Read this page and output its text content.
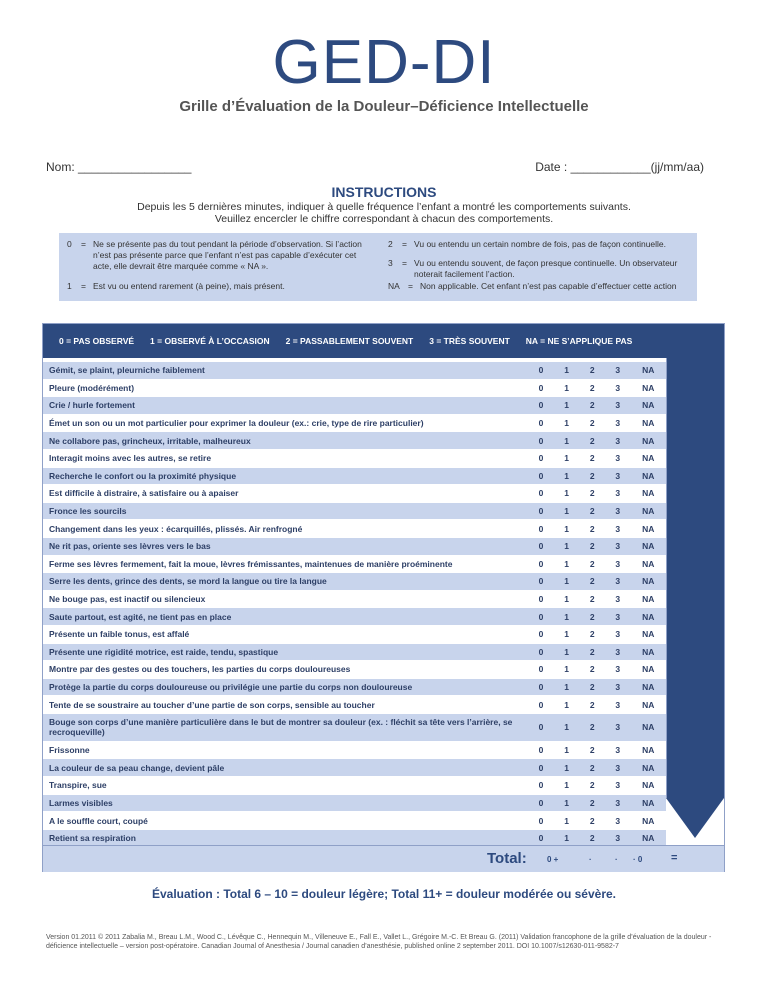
GED-DI
Grille d’Évaluation de la Douleur–Déficience Intellectuelle
Nom: _________________	Date : ____________(jj/mm/aa)
INSTRUCTIONS
Depuis les 5 dernières minutes, indiquer à quelle fréquence l’enfant a montré les comportements suivants.
Veuillez encercler le chiffre correspondant à chacun des comportements.
0	= Ne se présente pas du tout pendant la période d’observation. Si l’action n’est pas présente parce que l’enfant n’est pas capable d’exécuter cet acte, elle devrait être marquée comme « NA ».
1	= Est vu ou entend rarement (à peine), mais présent.
2	= Vu ou entendu un certain nombre de fois, pas de façon continuelle.
3	= Vu ou entendu souvent, de façon presque continuelle. Un observateur noterait facilement l’action.
NA = Non applicable. Cet enfant n’est pas capable d’effectuer cette action
0 = PAS OBSERVÉ 1 = OBSERVÉ À L’OCCASION 2 = PASSABLEMENT SOUVENT 3 = TRÈS SOUVENT NA = NE S’APPLIQUE PAS
Gémit, se plaint, pleurniche faiblement	0	1	2	3	NA
Pleure (modérément)	0	1	2	3	NA
Crie / hurle fortement	0	1	2	3	NA
Émet un son ou un mot particulier pour exprimer la douleur (ex.: crie, type de rire particulier)	0	1	2	3	NA
Ne collabore pas, grincheux, irritable, malheureux	0	1	2	3	NA
Interagit moins avec les autres, se retire	0	1	2	3	NA
Recherche le confort ou la proximité physique	0	1	2	3	NA
Est difficile à distraire, à satisfaire ou à apaiser	0	1	2	3	NA
Fronce les sourcils	0	1	2	3	NA
Changement dans les yeux : écarquillés, plissés. Air renfrogné	0	1	2	3	NA
Ne rit pas, oriente ses lèvres vers le bas	0	1	2	3	NA
Ferme ses lèvres fermement, fait la moue, lèvres frémissantes, maintenues de manière proéminente	0	1	2	3	NA
Serre les dents, grince des dents, se mord la langue ou tire la langue	0	1	2	3	NA
Ne bouge pas, est inactif ou silencieux	0	1	2	3	NA
Saute partout, est agité, ne tient pas en place	0	1	2	3	NA
Présente un faible tonus, est affalé	0	1	2	3	NA
Présente une rigidité motrice, est raide, tendu, spastique	0	1	2	3	NA
Montre par des gestes ou des touchers, les parties du corps douloureuses	0	1	2	3	NA
Protège la partie du corps douloureuse ou privilégie une partie du corps non douloureuse	0	1	2	3	NA
Tente de se soustraire au toucher d’une partie de son corps, sensible au toucher	0	1	2	3	NA
Bouge son corps d’une manière particulière dans le but de montrer sa douleur (ex. : fléchit sa tête vers l’arrière, se recroqueville)	0	1	2	3	NA
Frissonne	0	1	2	3	NA
La couleur de sa peau change, devient pâle	0	1	2	3	NA
Transpire, sue	0	1	2	3	NA
Larmes visibles	0	1	2	3	NA
A le souffle court, coupé	0	1	2	3	NA
Retient sa respiration	0	1	2	3	NA
Total:	0 +	·	· · 0	=
Évaluation : Total 6 – 10 = douleur légère; Total 11+ = douleur modérée ou sévère.
Version 01.2011 © 2011 Zabalia M., Breau L.M., Wood C., Lévêque C., Hennequin M., Villeneuve E., Fall E., Vallet L., Grégoire M.-C. Et Breau G. (2011) Validation francophone de la grille d’évaluation de la douleur - déficience intellectuelle – version post-opératoire. Canadian Journal of Anesthesia / Journal canadien d’anesthésie, published online 2 september 2011. DOI 10.1007/s12630-011-9582-7
